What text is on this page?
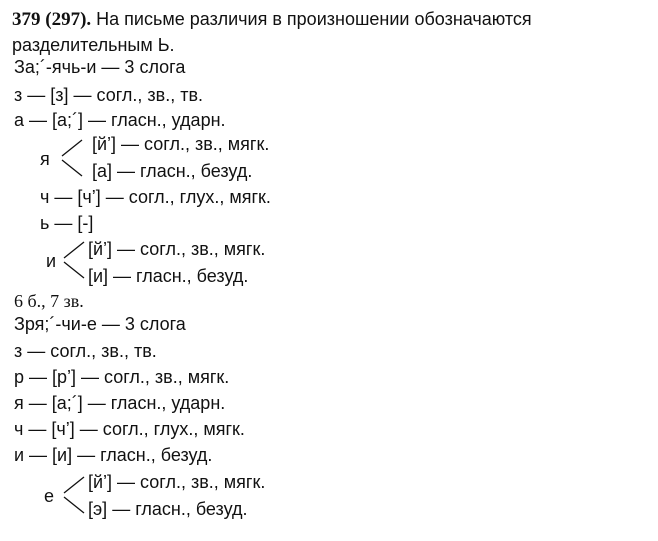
379 (297). На письме различия в произношении обозначаются
разделительным Ь.
За;´-ячь-и — 3 слога
з — [з] — согл., зв., тв.
а — [а;´] — гласн., ударн.
я
[й’] — согл., зв., мягк.
[а] — гласн., безуд.
ч — [ч’] — согл., глух., мягк.
ь — [-]
и
[й’] — согл., зв., мягк.
[и] — гласн., безуд.
6 б., 7 зв.
Зря;´-чи-е — 3 слога
з — согл., зв., тв.
р — [р’] — согл., зв., мягк.
я — [а;´] — гласн., ударн.
ч — [ч’] — согл., глух., мягк.
и — [и] — гласн., безуд.
е
[й’] — согл., зв., мягк.
[э] — гласн., безуд.
